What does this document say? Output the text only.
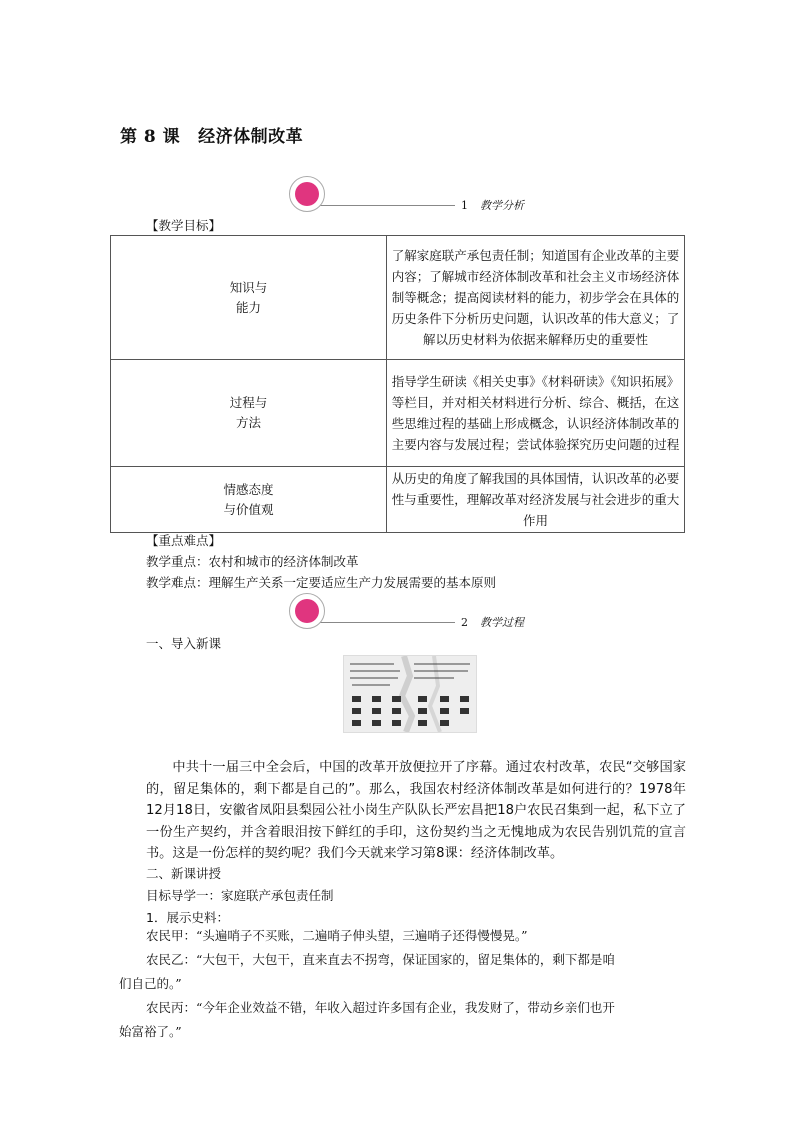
第 8 课 经济体制改革
1 教学分析
【教学目标】
知识与
能力	了解家庭联产承包责任制；知道国有企业改革的主要内容；了解城市经济体制改革和社会主义市场经济体制等概念；提高阅读材料的能力，初步学会在具体的历史条件下分析历史问题，认识改革的伟大意义；了解以历史材料为依据来解释历史的重要性

过程与
方法	指导学生研读《相关史事》《材料研读》《知识拓展》等栏目，并对相关材料进行分析、综合、概括，在这些思维过程的基础上形成概念，认识经济体制改革的主要内容与发展过程；尝试体验探究历史问题的过程

情感态度
与价值观	从历史的角度了解我国的具体国情，认识改革的必要性与重要性，理解改革对经济发展与社会进步的重大作用
【重点难点】
教学重点：农村和城市的经济体制改革
教学难点：理解生产关系一定要适应生产力发展需要的基本原则
2 教学过程
一、导入新课
中共十一届三中全会后，中国的改革开放便拉开了序幕。通过农村改革，农民“交够国家的，留足集体的，剩下都是自己的”。那么，我国农村经济体制改革是如何进行的？1978年12月18日，安徽省凤阳县梨园公社小岗生产队队长严宏昌把18户农民召集到一起，私下立了一份生产契约，并含着眼泪按下鲜红的手印，这份契约当之无愧地成为农民告别饥荒的宣言书。这是一份怎样的契约呢？我们今天就来学习第8课：经济体制改革。
二、新课讲授
目标导学一：家庭联产承包责任制
1．展示史料：
农民甲：“头遍哨子不买账，二遍哨子伸头望，三遍哨子还得慢慢晃。”
农民乙：“大包干，大包干，直来直去不拐弯，保证国家的，留足集体的，剩下都是咱
们自己的。”
农民丙：“今年企业效益不错，年收入超过许多国有企业，我发财了，带动乡亲们也开
始富裕了。”
